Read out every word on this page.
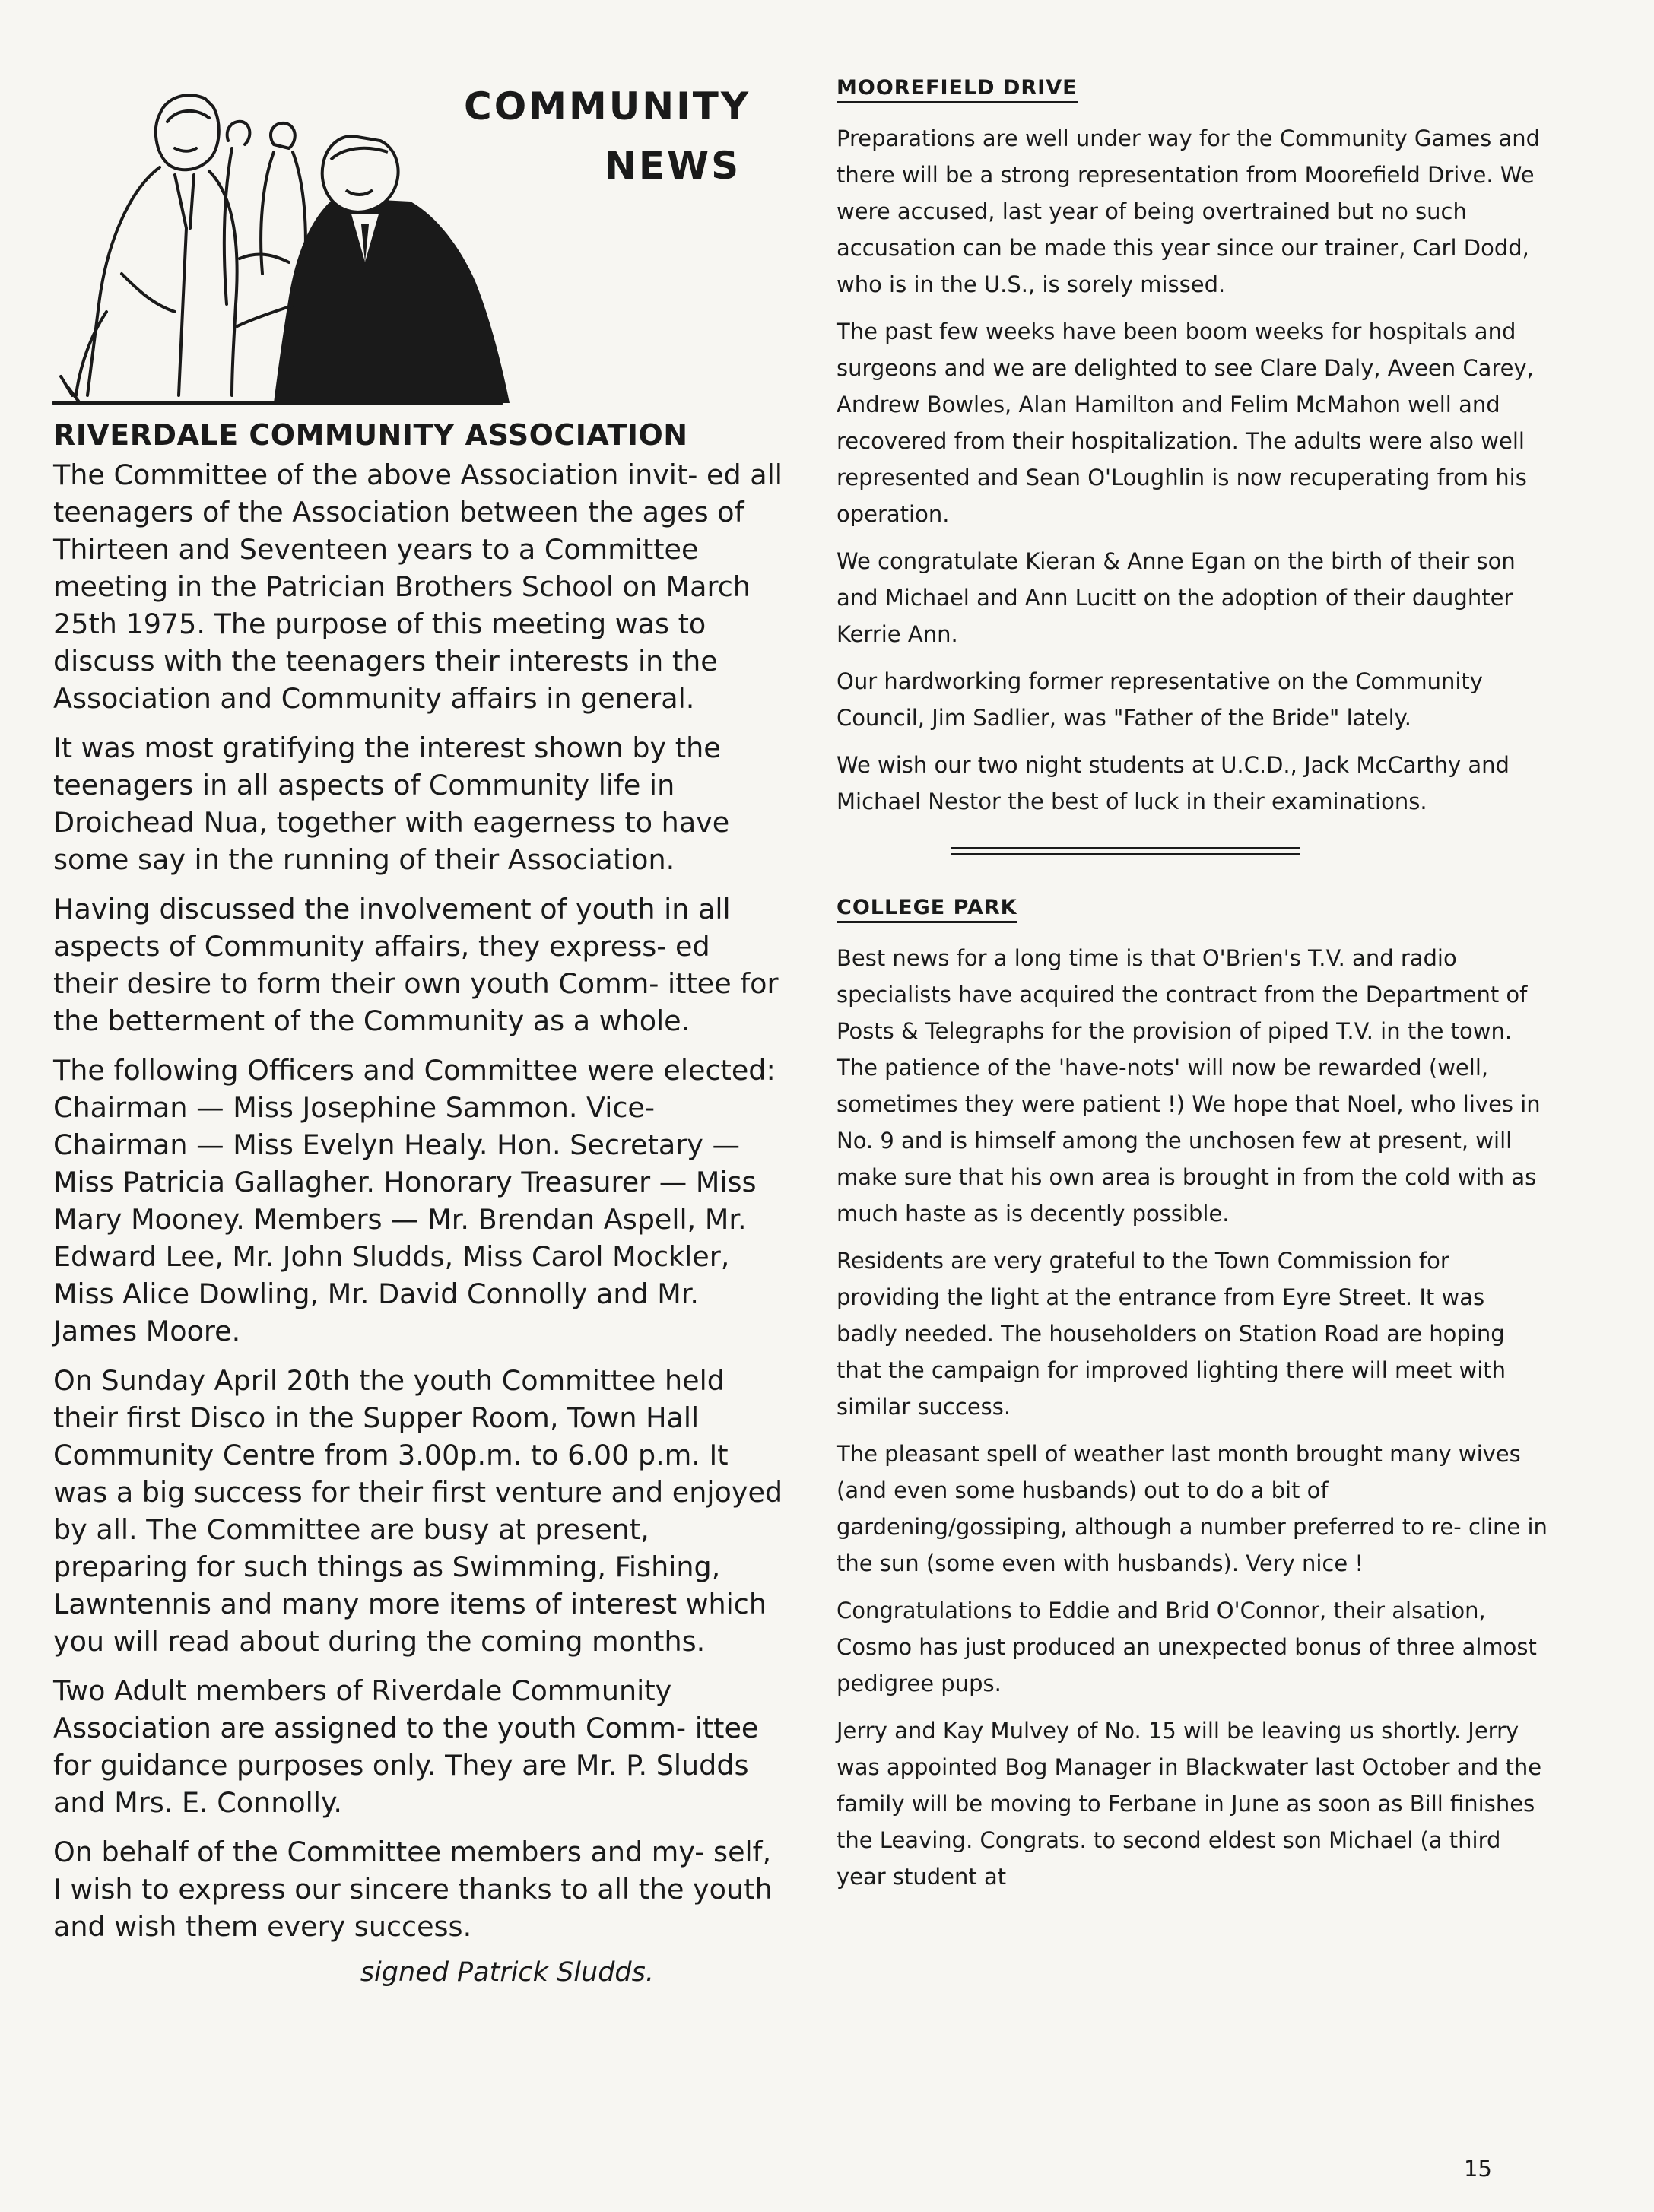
COMMUNITY
NEWS
RIVERDALE COMMUNITY ASSOCIATION

The Committee of the above Association invit- ed all teenagers of the Association between the ages of Thirteen and Seventeen years to a Committee meeting in the Patrician Brothers School on March 25th 1975. The purpose of this meeting was to discuss with the teenagers their interests in the Association and Community affairs in general.

It was most gratifying the interest shown by the teenagers in all aspects of Community life in Droichead Nua, together with eagerness to have some say in the running of their Association.

Having discussed the involvement of youth in all aspects of Community affairs, they express- ed their desire to form their own youth Comm- ittee for the betterment of the Community as a whole.

The following Officers and Committee were elected: Chairman — Miss Josephine Sammon. Vice-Chairman — Miss Evelyn Healy. Hon. Secretary — Miss Patricia Gallagher. Honorary Treasurer — Miss Mary Mooney. Members — Mr. Brendan Aspell, Mr. Edward Lee, Mr. John Sludds, Miss Carol Mockler, Miss Alice Dowling, Mr. David Connolly and Mr. James Moore.

On Sunday April 20th the youth Committee held their first Disco in the Supper Room, Town Hall Community Centre from 3.00p.m. to 6.00 p.m. It was a big success for their first venture and enjoyed by all. The Committee are busy at present, preparing for such things as Swimming, Fishing, Lawntennis and many more items of interest which you will read about during the coming months.

Two Adult members of Riverdale Community Association are assigned to the youth Comm- ittee for guidance purposes only. They are Mr. P. Sludds and Mrs. E. Connolly.

On behalf of the Committee members and my- self, I wish to express our sincere thanks to all the youth and wish them every success.

signed Patrick Sludds.
MOOREFIELD DRIVE

Preparations are well under way for the Community Games and there will be a strong representation from Moorefield Drive. We were accused, last year of being overtrained but no such accusation can be made this year since our trainer, Carl Dodd, who is in the U.S., is sorely missed.

The past few weeks have been boom weeks for hospitals and surgeons and we are delighted to see Clare Daly, Aveen Carey, Andrew Bowles, Alan Hamilton and Felim McMahon well and recovered from their hospitalization. The adults were also well represented and Sean O'Loughlin is now recuperating from his operation.

We congratulate Kieran & Anne Egan on the birth of their son and Michael and Ann Lucitt on the adoption of their daughter Kerrie Ann.

Our hardworking former representative on the Community Council, Jim Sadlier, was "Father of the Bride" lately.

We wish our two night students at U.C.D., Jack McCarthy and Michael Nestor the best of luck in their examinations.

COLLEGE PARK

Best news for a long time is that O'Brien's T.V. and radio specialists have acquired the contract from the Department of Posts & Telegraphs for the provision of piped T.V. in the town. The patience of the 'have-nots' will now be rewarded (well, sometimes they were patient !) We hope that Noel, who lives in No. 9 and is himself among the unchosen few at present, will make sure that his own area is brought in from the cold with as much haste as is decently possible.

Residents are very grateful to the Town Commission for providing the light at the entrance from Eyre Street. It was badly needed. The householders on Station Road are hoping that the campaign for improved lighting there will meet with similar success.

The pleasant spell of weather last month brought many wives (and even some husbands) out to do a bit of gardening/gossiping, although a number preferred to re- cline in the sun (some even with husbands). Very nice !

Congratulations to Eddie and Brid O'Connor, their alsation, Cosmo has just produced an unexpected bonus of three almost pedigree pups.

Jerry and Kay Mulvey of No. 15 will be leaving us shortly. Jerry was appointed Bog Manager in Blackwater last October and the family will be moving to Ferbane in June as soon as Bill finishes the Leaving. Congrats. to second eldest son Michael (a third year student at

15
